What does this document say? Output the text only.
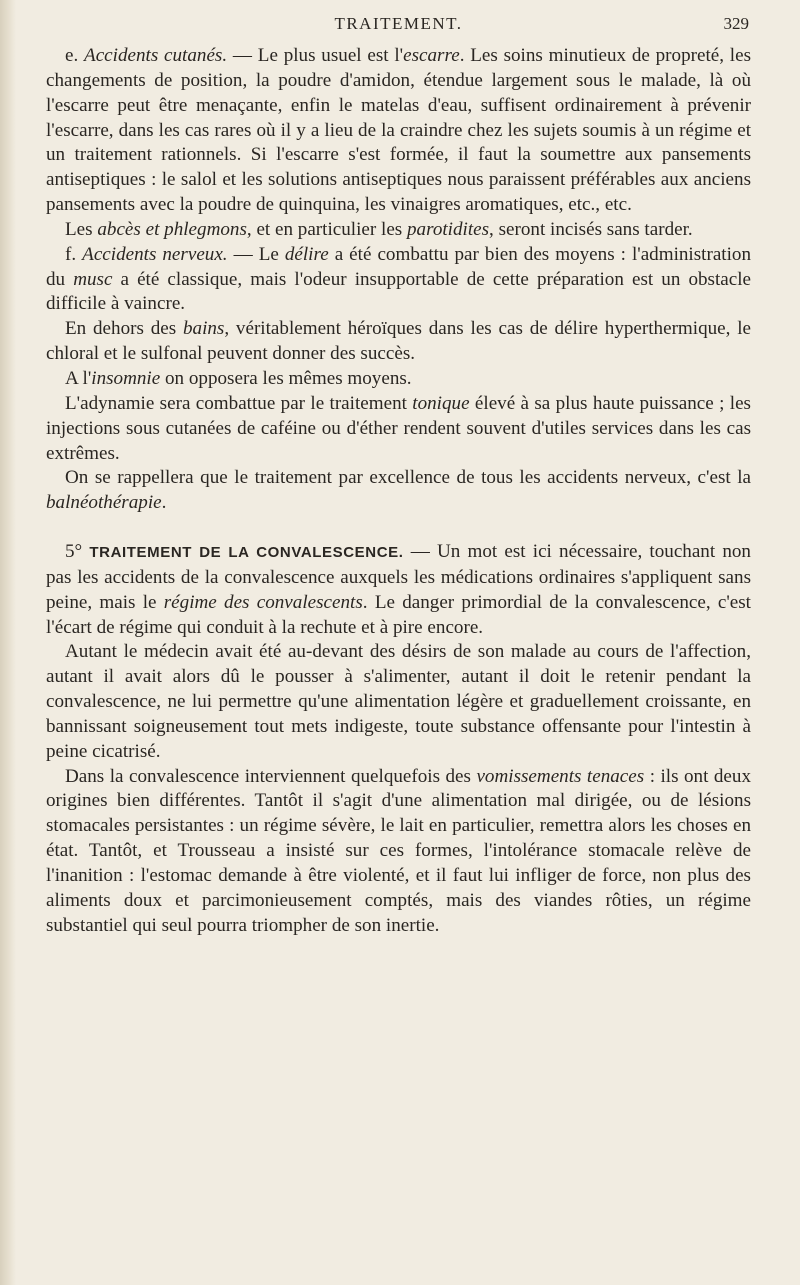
TRAITEMENT.	329

e. Accidents cutanés. — Le plus usuel est l'escarre. Les soins minutieux de propreté, les changements de position, la poudre d'amidon, étendue largement sous le malade, là où l'escarre peut être menaçante, enfin le matelas d'eau, suffisent ordinairement à prévenir l'escarre, dans les cas rares où il y a lieu de la craindre chez les sujets soumis à un régime et un traitement rationnels. Si l'escarre s'est formée, il faut la soumettre aux pansements antiseptiques : le salol et les solutions antiseptiques nous paraissent préférables aux anciens pansements avec la poudre de quinquina, les vinaigres aromatiques, etc., etc.

Les abcès et phlegmons, et en particulier les parotidites, seront incisés sans tarder.

f. Accidents nerveux. — Le délire a été combattu par bien des moyens : l'administration du musc a été classique, mais l'odeur insupportable de cette préparation est un obstacle difficile à vaincre.

En dehors des bains, véritablement héroïques dans les cas de délire hyperthermique, le chloral et le sulfonal peuvent donner des succès.

A l'insomnie on opposera les mêmes moyens.

L'adynamie sera combattue par le traitement tonique élevé à sa plus haute puissance ; les injections sous cutanées de caféine ou d'éther rendent souvent d'utiles services dans les cas extrêmes.

On se rappellera que le traitement par excellence de tous les accidents nerveux, c'est la balnéothérapie.

5° TRAITEMENT DE LA CONVALESCENCE. — Un mot est ici nécessaire, touchant non pas les accidents de la convalescence auxquels les médications ordinaires s'appliquent sans peine, mais le régime des convalescents. Le danger primordial de la convalescence, c'est l'écart de régime qui conduit à la rechute et à pire encore.

Autant le médecin avait été au-devant des désirs de son malade au cours de l'affection, autant il avait alors dû le pousser à s'alimenter, autant il doit le retenir pendant la convalescence, ne lui permettre qu'une alimentation légère et graduellement croissante, en bannissant soigneusement tout mets indigeste, toute substance offensante pour l'intestin à peine cicatrisé.

Dans la convalescence interviennent quelquefois des vomissements tenaces : ils ont deux origines bien différentes. Tantôt il s'agit d'une alimentation mal dirigée, ou de lésions stomacales persistantes : un régime sévère, le lait en particulier, remettra alors les choses en état. Tantôt, et Trousseau a insisté sur ces formes, l'intolérance stomacale relève de l'inanition : l'estomac demande à être violenté, et il faut lui infliger de force, non plus des aliments doux et parcimonieusement comptés, mais des viandes rôties, un régime substantiel qui seul pourra triompher de son inertie.
